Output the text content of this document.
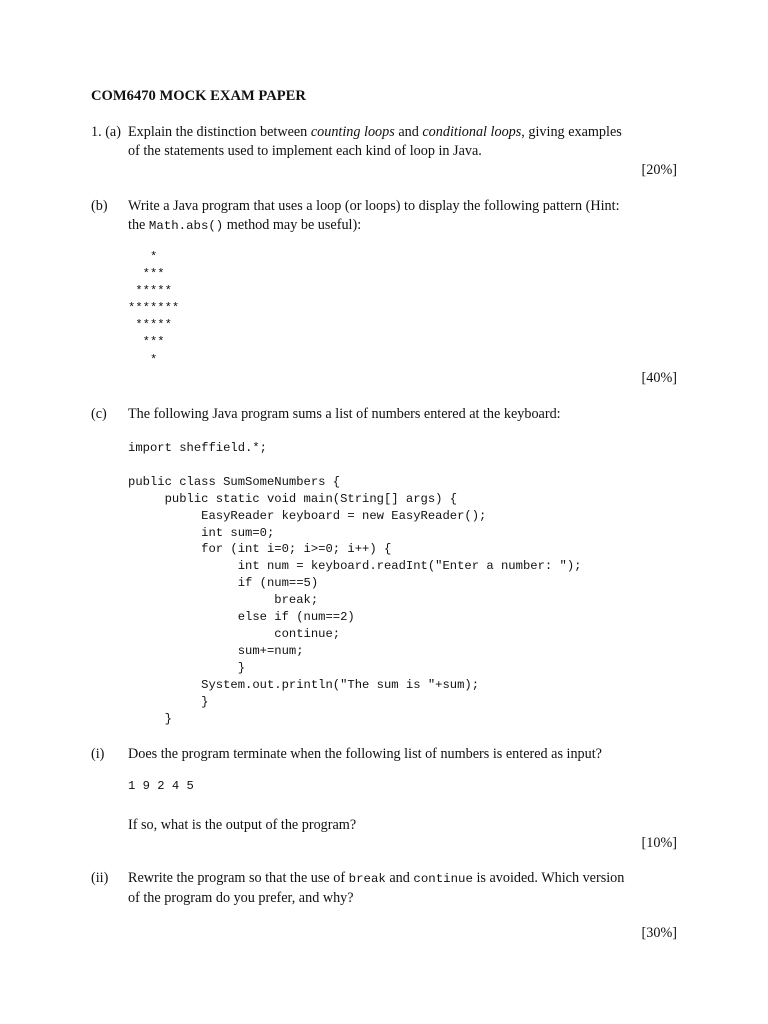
COM6470 MOCK EXAM PAPER
1. (a) Explain the distinction between counting loops and conditional loops, giving examples
of the statements used to implement each kind of loop in Java.
[20%]
(b) Write a Java program that uses a loop (or loops) to display the following pattern (Hint:
the Math.abs() method may be useful):
*
***
*****
*******
*****
***
*
[40%]
(c) The following Java program sums a list of numbers entered at the keyboard:
import sheffield.*;

public class SumSomeNumbers {
public static void main(String[] args) {
EasyReader keyboard = new EasyReader();
int sum=0;
for (int i=0; i>=0; i++) {
int num = keyboard.readInt("Enter a number: ");
if (num==5)
break;
else if (num==2)
continue;
sum+=num;
}
System.out.println("The sum is "+sum);
}
}
(i) Does the program terminate when the following list of numbers is entered as input?
1 9 2 4 5
If so, what is the output of the program?
[10%]
(ii) Rewrite the program so that the use of break and continue is avoided. Which version
of the program do you prefer, and why?
[30%]
